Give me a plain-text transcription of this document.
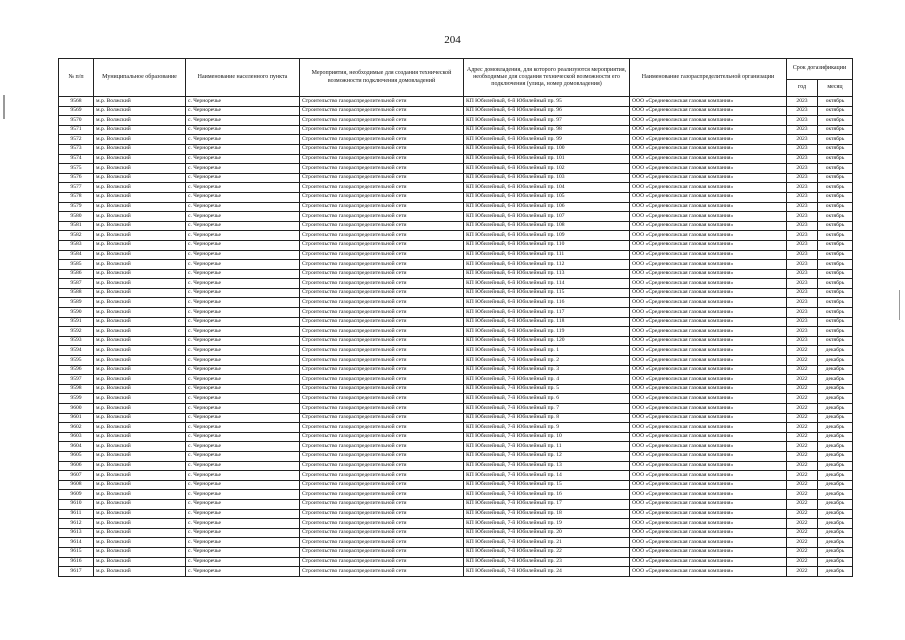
204
№ п/п	Муниципальное образование	Наименование населенного пункта	Мероприятия, необходимые для создания технической возможности подключения домовладений	Адрес домовладения, для которого реализуются мероприятия, необходимые для создания технической возможности его подключения (улица, номер домовладения)	Наименование газораспределительной организации	Срок догазификации	
						год	месяц
9568	м.р. Волжский	с. Черноречье	Строительство газораспределительной сети	КП Юбилейный, 6-й Юбилейный пр. 95	ООО «Средневолжская газовая компания»	2023	октябрь
9569	м.р. Волжский	с. Черноречье	Строительство газораспределительной сети	КП Юбилейный, 6-й Юбилейный пр. 96	ООО «Средневолжская газовая компания»	2023	октябрь
9570	м.р. Волжский	с. Черноречье	Строительство газораспределительной сети	КП Юбилейный, 6-й Юбилейный пр. 97	ООО «Средневолжская газовая компания»	2023	октябрь
9571	м.р. Волжский	с. Черноречье	Строительство газораспределительной сети	КП Юбилейный, 6-й Юбилейный пр. 98	ООО «Средневолжская газовая компания»	2023	октябрь
9572	м.р. Волжский	с. Черноречье	Строительство газораспределительной сети	КП Юбилейный, 6-й Юбилейный пр. 99	ООО «Средневолжская газовая компания»	2023	октябрь
9573	м.р. Волжский	с. Черноречье	Строительство газораспределительной сети	КП Юбилейный, 6-й Юбилейный пр. 100	ООО «Средневолжская газовая компания»	2023	октябрь
9574	м.р. Волжский	с. Черноречье	Строительство газораспределительной сети	КП Юбилейный, 6-й Юбилейный пр. 101	ООО «Средневолжская газовая компания»	2023	октябрь
9575	м.р. Волжский	с. Черноречье	Строительство газораспределительной сети	КП Юбилейный, 6-й Юбилейный пр. 102	ООО «Средневолжская газовая компания»	2023	октябрь
9576	м.р. Волжский	с. Черноречье	Строительство газораспределительной сети	КП Юбилейный, 6-й Юбилейный пр. 103	ООО «Средневолжская газовая компания»	2023	октябрь
9577	м.р. Волжский	с. Черноречье	Строительство газораспределительной сети	КП Юбилейный, 6-й Юбилейный пр. 104	ООО «Средневолжская газовая компания»	2023	октябрь
9578	м.р. Волжский	с. Черноречье	Строительство газораспределительной сети	КП Юбилейный, 6-й Юбилейный пр. 105	ООО «Средневолжская газовая компания»	2023	октябрь
9579	м.р. Волжский	с. Черноречье	Строительство газораспределительной сети	КП Юбилейный, 6-й Юбилейный пр. 106	ООО «Средневолжская газовая компания»	2023	октябрь
9580	м.р. Волжский	с. Черноречье	Строительство газораспределительной сети	КП Юбилейный, 6-й Юбилейный пр. 107	ООО «Средневолжская газовая компания»	2023	октябрь
9581	м.р. Волжский	с. Черноречье	Строительство газораспределительной сети	КП Юбилейный, 6-й Юбилейный пр. 108	ООО «Средневолжская газовая компания»	2023	октябрь
9582	м.р. Волжский	с. Черноречье	Строительство газораспределительной сети	КП Юбилейный, 6-й Юбилейный пр. 109	ООО «Средневолжская газовая компания»	2023	октябрь
9583	м.р. Волжский	с. Черноречье	Строительство газораспределительной сети	КП Юбилейный, 6-й Юбилейный пр. 110	ООО «Средневолжская газовая компания»	2023	октябрь
9584	м.р. Волжский	с. Черноречье	Строительство газораспределительной сети	КП Юбилейный, 6-й Юбилейный пр. 111	ООО «Средневолжская газовая компания»	2023	октябрь
9585	м.р. Волжский	с. Черноречье	Строительство газораспределительной сети	КП Юбилейный, 6-й Юбилейный пр. 112	ООО «Средневолжская газовая компания»	2023	октябрь
9586	м.р. Волжский	с. Черноречье	Строительство газораспределительной сети	КП Юбилейный, 6-й Юбилейный пр. 113	ООО «Средневолжская газовая компания»	2023	октябрь
9587	м.р. Волжский	с. Черноречье	Строительство газораспределительной сети	КП Юбилейный, 6-й Юбилейный пр. 114	ООО «Средневолжская газовая компания»	2023	октябрь
9588	м.р. Волжский	с. Черноречье	Строительство газораспределительной сети	КП Юбилейный, 6-й Юбилейный пр. 115	ООО «Средневолжская газовая компания»	2023	октябрь
9589	м.р. Волжский	с. Черноречье	Строительство газораспределительной сети	КП Юбилейный, 6-й Юбилейный пр. 116	ООО «Средневолжская газовая компания»	2023	октябрь
9590	м.р. Волжский	с. Черноречье	Строительство газораспределительной сети	КП Юбилейный, 6-й Юбилейный пр. 117	ООО «Средневолжская газовая компания»	2023	октябрь
9591	м.р. Волжский	с. Черноречье	Строительство газораспределительной сети	КП Юбилейный, 6-й Юбилейный пр. 118	ООО «Средневолжская газовая компания»	2023	октябрь
9592	м.р. Волжский	с. Черноречье	Строительство газораспределительной сети	КП Юбилейный, 6-й Юбилейный пр. 119	ООО «Средневолжская газовая компания»	2023	октябрь
9593	м.р. Волжский	с. Черноречье	Строительство газораспределительной сети	КП Юбилейный, 6-й Юбилейный пр. 120	ООО «Средневолжская газовая компания»	2023	октябрь
9594	м.р. Волжский	с. Черноречье	Строительство газораспределительной сети	КП Юбилейный, 7-й Юбилейный пр. 1	ООО «Средневолжская газовая компания»	2022	декабрь
9595	м.р. Волжский	с. Черноречье	Строительство газораспределительной сети	КП Юбилейный, 7-й Юбилейный пр. 2	ООО «Средневолжская газовая компания»	2022	декабрь
9596	м.р. Волжский	с. Черноречье	Строительство газораспределительной сети	КП Юбилейный, 7-й Юбилейный пр. 3	ООО «Средневолжская газовая компания»	2022	декабрь
9597	м.р. Волжский	с. Черноречье	Строительство газораспределительной сети	КП Юбилейный, 7-й Юбилейный пр. 4	ООО «Средневолжская газовая компания»	2022	декабрь
9598	м.р. Волжский	с. Черноречье	Строительство газораспределительной сети	КП Юбилейный, 7-й Юбилейный пр. 5	ООО «Средневолжская газовая компания»	2022	декабрь
9599	м.р. Волжский	с. Черноречье	Строительство газораспределительной сети	КП Юбилейный, 7-й Юбилейный пр. 6	ООО «Средневолжская газовая компания»	2022	декабрь
9600	м.р. Волжский	с. Черноречье	Строительство газораспределительной сети	КП Юбилейный, 7-й Юбилейный пр. 7	ООО «Средневолжская газовая компания»	2022	декабрь
9601	м.р. Волжский	с. Черноречье	Строительство газораспределительной сети	КП Юбилейный, 7-й Юбилейный пр. 8	ООО «Средневолжская газовая компания»	2022	декабрь
9602	м.р. Волжский	с. Черноречье	Строительство газораспределительной сети	КП Юбилейный, 7-й Юбилейный пр. 9	ООО «Средневолжская газовая компания»	2022	декабрь
9603	м.р. Волжский	с. Черноречье	Строительство газораспределительной сети	КП Юбилейный, 7-й Юбилейный пр. 10	ООО «Средневолжская газовая компания»	2022	декабрь
9604	м.р. Волжский	с. Черноречье	Строительство газораспределительной сети	КП Юбилейный, 7-й Юбилейный пр. 11	ООО «Средневолжская газовая компания»	2022	декабрь
9605	м.р. Волжский	с. Черноречье	Строительство газораспределительной сети	КП Юбилейный, 7-й Юбилейный пр. 12	ООО «Средневолжская газовая компания»	2022	декабрь
9606	м.р. Волжский	с. Черноречье	Строительство газораспределительной сети	КП Юбилейный, 7-й Юбилейный пр. 13	ООО «Средневолжская газовая компания»	2022	декабрь
9607	м.р. Волжский	с. Черноречье	Строительство газораспределительной сети	КП Юбилейный, 7-й Юбилейный пр. 14	ООО «Средневолжская газовая компания»	2022	декабрь
9608	м.р. Волжский	с. Черноречье	Строительство газораспределительной сети	КП Юбилейный, 7-й Юбилейный пр. 15	ООО «Средневолжская газовая компания»	2022	декабрь
9609	м.р. Волжский	с. Черноречье	Строительство газораспределительной сети	КП Юбилейный, 7-й Юбилейный пр. 16	ООО «Средневолжская газовая компания»	2022	декабрь
9610	м.р. Волжский	с. Черноречье	Строительство газораспределительной сети	КП Юбилейный, 7-й Юбилейный пр. 17	ООО «Средневолжская газовая компания»	2022	декабрь
9611	м.р. Волжский	с. Черноречье	Строительство газораспределительной сети	КП Юбилейный, 7-й Юбилейный пр. 18	ООО «Средневолжская газовая компания»	2022	декабрь
9612	м.р. Волжский	с. Черноречье	Строительство газораспределительной сети	КП Юбилейный, 7-й Юбилейный пр. 19	ООО «Средневолжская газовая компания»	2022	декабрь
9613	м.р. Волжский	с. Черноречье	Строительство газораспределительной сети	КП Юбилейный, 7-й Юбилейный пр. 20	ООО «Средневолжская газовая компания»	2022	декабрь
9614	м.р. Волжский	с. Черноречье	Строительство газораспределительной сети	КП Юбилейный, 7-й Юбилейный пр. 21	ООО «Средневолжская газовая компания»	2022	декабрь
9615	м.р. Волжский	с. Черноречье	Строительство газораспределительной сети	КП Юбилейный, 7-й Юбилейный пр. 22	ООО «Средневолжская газовая компания»	2022	декабрь
9616	м.р. Волжский	с. Черноречье	Строительство газораспределительной сети	КП Юбилейный, 7-й Юбилейный пр. 23	ООО «Средневолжская газовая компания»	2022	декабрь
9617	м.р. Волжский	с. Черноречье	Строительство газораспределительной сети	КП Юбилейный, 7-й Юбилейный пр. 24	ООО «Средневолжская газовая компания»	2022	декабрь
